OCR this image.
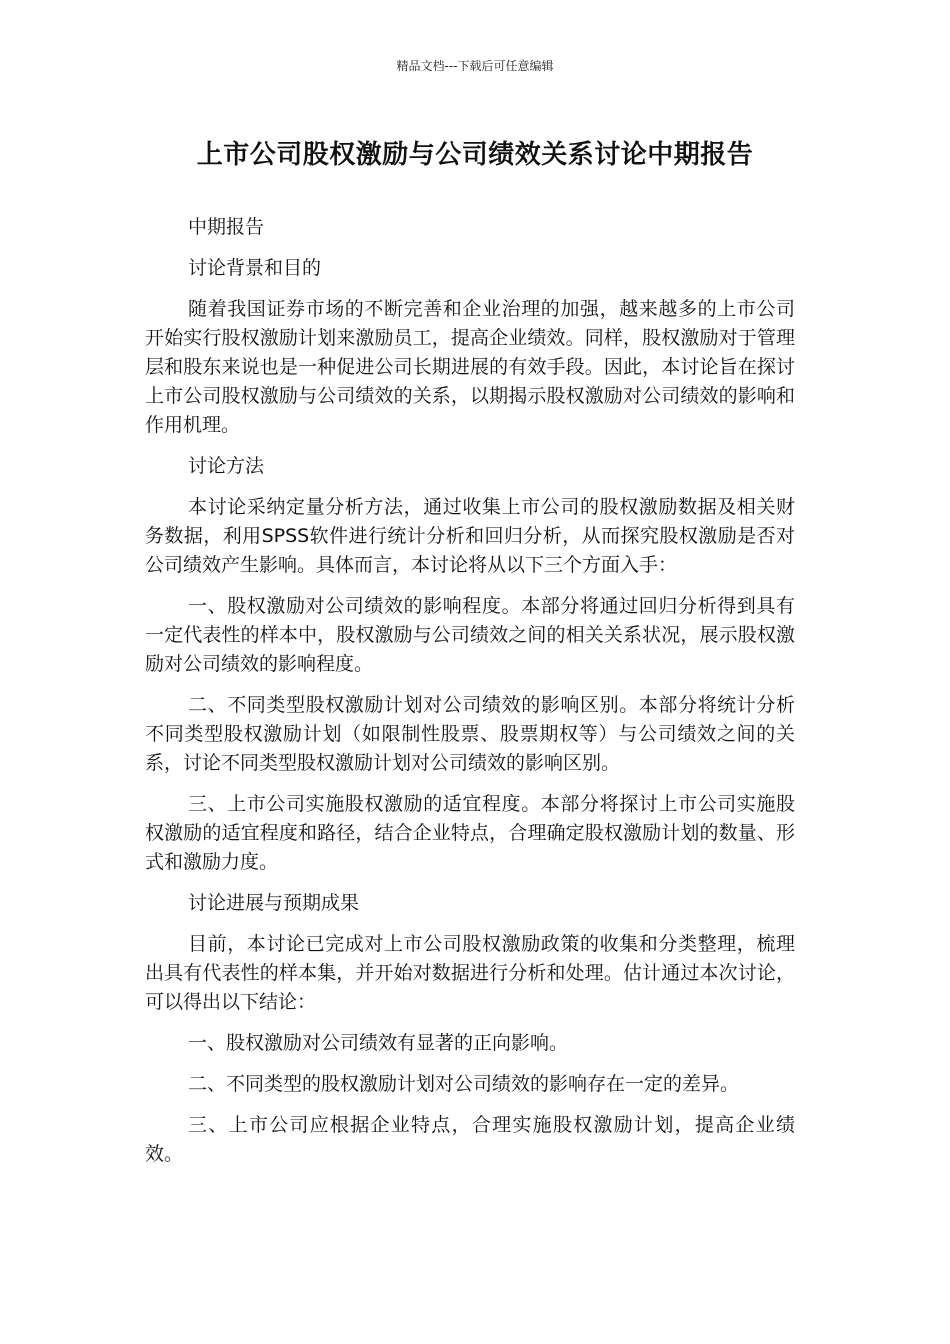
精品文档---下载后可任意编辑
上市公司股权激励与公司绩效关系讨论中期报告

中期报告

讨论背景和目的

随着我国证券市场的不断完善和企业治理的加强，越来越多的上市公司开始实行股权激励计划来激励员工，提高企业绩效。同样，股权激励对于管理层和股东来说也是一种促进公司长期进展的有效手段。因此，本讨论旨在探讨上市公司股权激励与公司绩效的关系，以期揭示股权激励对公司绩效的影响和作用机理。

讨论方法

本讨论采纳定量分析方法，通过收集上市公司的股权激励数据及相关财务数据，利用SPSS软件进行统计分析和回归分析，从而探究股权激励是否对公司绩效产生影响。具体而言，本讨论将从以下三个方面入手：

一、股权激励对公司绩效的影响程度。本部分将通过回归分析得到具有一定代表性的样本中，股权激励与公司绩效之间的相关关系状况，展示股权激励对公司绩效的影响程度。

二、不同类型股权激励计划对公司绩效的影响区别。本部分将统计分析不同类型股权激励计划（如限制性股票、股票期权等）与公司绩效之间的关系，讨论不同类型股权激励计划对公司绩效的影响区别。

三、上市公司实施股权激励的适宜程度。本部分将探讨上市公司实施股权激励的适宜程度和路径，结合企业特点，合理确定股权激励计划的数量、形式和激励力度。

讨论进展与预期成果

目前，本讨论已完成对上市公司股权激励政策的收集和分类整理，梳理出具有代表性的样本集，并开始对数据进行分析和处理。估计通过本次讨论，可以得出以下结论：

一、股权激励对公司绩效有显著的正向影响。

二、不同类型的股权激励计划对公司绩效的影响存在一定的差异。

三、上市公司应根据企业特点，合理实施股权激励计划，提高企业绩效。
